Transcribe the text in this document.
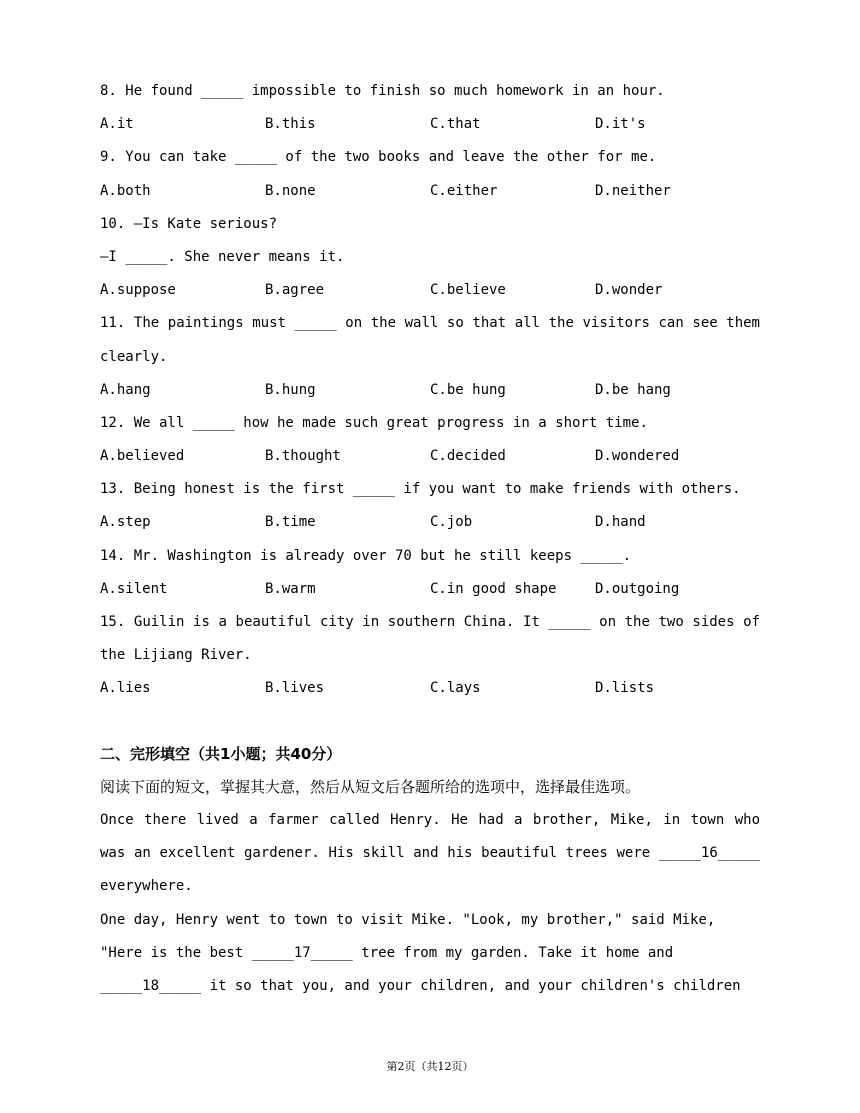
8. He found _____ impossible to finish so much homework in an hour.
A.it	B.this	C.that	D.it's
9. You can take _____ of the two books and leave the other for me.
A.both	B.none	C.either	D.neither
10. —Is Kate serious?
—I _____. She never means it.
A.suppose	B.agree	C.believe	D.wonder
11. The paintings must _____ on the wall so that all the visitors can see them
clearly.
A.hang	B.hung	C.be hung	D.be hang
12. We all _____ how he made such great progress in a short time.
A.believed	B.thought	C.decided	D.wondered
13. Being honest is the first _____ if you want to make friends with others.
A.step	B.time	C.job	D.hand
14. Mr. Washington is already over 70 but he still keeps _____.
A.silent	B.warm	C.in good shape	D.outgoing
15. Guilin is a beautiful city in southern China. It _____ on the two sides of
the Lijiang River.
A.lies	B.lives	C.lays	D.lists
二、完形填空（共1小题；共40分）
阅读下面的短文，掌握其大意，然后从短文后各题所给的选项中，选择最佳选项。
Once there lived a farmer called Henry. He had a brother, Mike, in town who
was an excellent gardener. His skill and his beautiful trees were _____16_____
everywhere.
One day, Henry went to town to visit Mike. "Look, my brother," said Mike,
"Here is the best _____17_____ tree from my garden. Take it home and
_____18_____ it so that you, and your children, and your children's children
第2页（共12页）
